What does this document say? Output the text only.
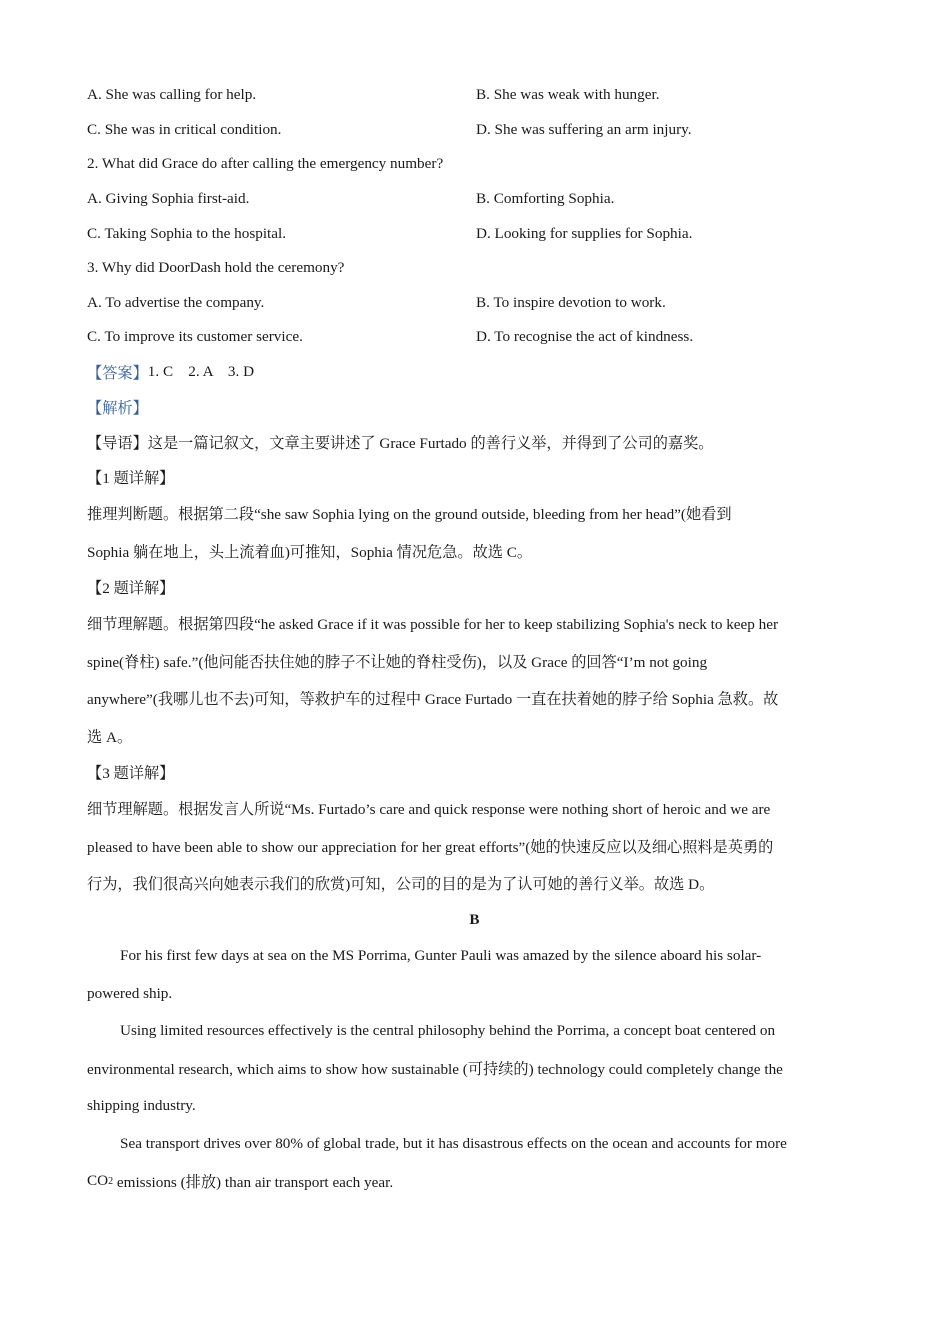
A. She was calling for help.	B. She was weak with hunger.
C. She was in critical condition.	D. She was suffering an arm injury.
2. What did Grace do after calling the emergency number?
A. Giving Sophia first-aid.	B. Comforting Sophia.
C. Taking Sophia to the hospital.	D. Looking for supplies for Sophia.
3. Why did DoorDash hold the ceremony?
A. To advertise the company.	B. To inspire devotion to work.
C. To improve its customer service.	D. To recognise the act of kindness.
【答案】 1. C    2. A    3. D
【解析】
【导语】这是一篇记叙文，文章主要讲述了 Grace Furtado 的善行义举，并得到了公司的嘉奖。
【1 题详解】
推理判断题。根据第二段“she saw Sophia lying on the ground outside, bleeding from her head”(她看到
Sophia 躺在地上，头上流着血)可推知，Sophia 情况危急。故选 C。
【2 题详解】
细节理解题。根据第四段“he asked Grace if it was possible for her to keep stabilizing Sophia's neck to keep her
spine(脊柱) safe.”(他问能否扶住她的脖子不让她的脊柱受伤)，以及 Grace 的回答“I’m not going
anywhere”(我哪儿也不去)可知，等救护车的过程中 Grace Furtado 一直在扶着她的脖子给 Sophia 急救。故
选 A。
【3 题详解】
细节理解题。根据发言人所说“Ms. Furtado’s care and quick response were nothing short of heroic and we are
pleased to have been able to show our appreciation for her great efforts”(她的快速反应以及细心照料是英勇的
行为，我们很高兴向她表示我们的欣赏)可知，公司的目的是为了认可她的善行义举。故选 D。
B
For his first few days at sea on the MS Porrima, Gunter Pauli was amazed by the silence aboard his solar-
powered ship.
Using limited resources effectively is the central philosophy behind the Porrima, a concept boat centered on
environmental research, which aims to show how sustainable (可持续的) technology could completely change the
shipping industry.
Sea transport drives over 80% of global trade, but it has disastrous effects on the ocean and accounts for more
CO 2 emissions (排放) than air transport each year.
